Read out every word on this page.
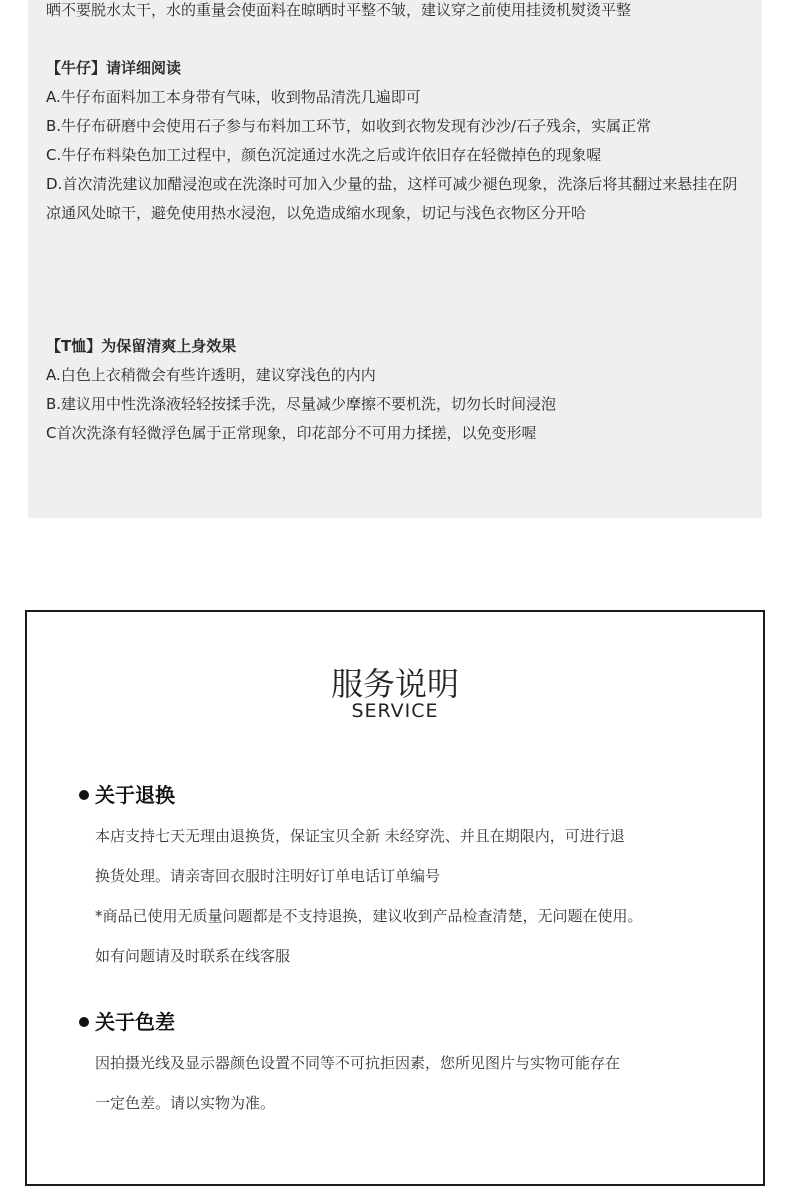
晒不要脱水太干，水的重量会使面料在晾晒时平整不皱，建议穿之前使用挂烫机熨烫平整

【牛仔】请详细阅读

A.牛仔布面料加工本身带有气味，收到物品清洗几遍即可

B.牛仔布研磨中会使用石子参与布料加工环节，如收到衣物发现有沙沙/石子残余，实属正常

C.牛仔布料染色加工过程中，颜色沉淀通过水洗之后或许依旧存在轻微掉色的现象喔

D.首次清洗建议加醋浸泡或在洗涤时可加入少量的盐，这样可减少褪色现象，洗涤后将其翻过来悬挂在阴凉通风处晾干，避免使用热水浸泡，以免造成缩水现象，切记与浅色衣物区分开哈

【T恤】为保留清爽上身效果

A.白色上衣稍微会有些许透明，建议穿浅色的内内

B.建议用中性洗涤液轻轻按揉手洗，尽量减少摩擦不要机洗，切勿长时间浸泡

C首次洗涤有轻微浮色属于正常现象，印花部分不可用力揉搓，以免变形喔

服务说明

SERVICE

关于退换

本店支持七天无理由退换货，保证宝贝全新 未经穿洗、并且在期限内，可进行退

换货处理。请亲寄回衣服时注明好订单电话订单编号

*商品已使用无质量问题都是不支持退换，建议收到产品检查清楚，无问题在使用。

如有问题请及时联系在线客服

关于色差

因拍摄光线及显示器颜色设置不同等不可抗拒因素，您所见图片与实物可能存在

一定色差。请以实物为准。
